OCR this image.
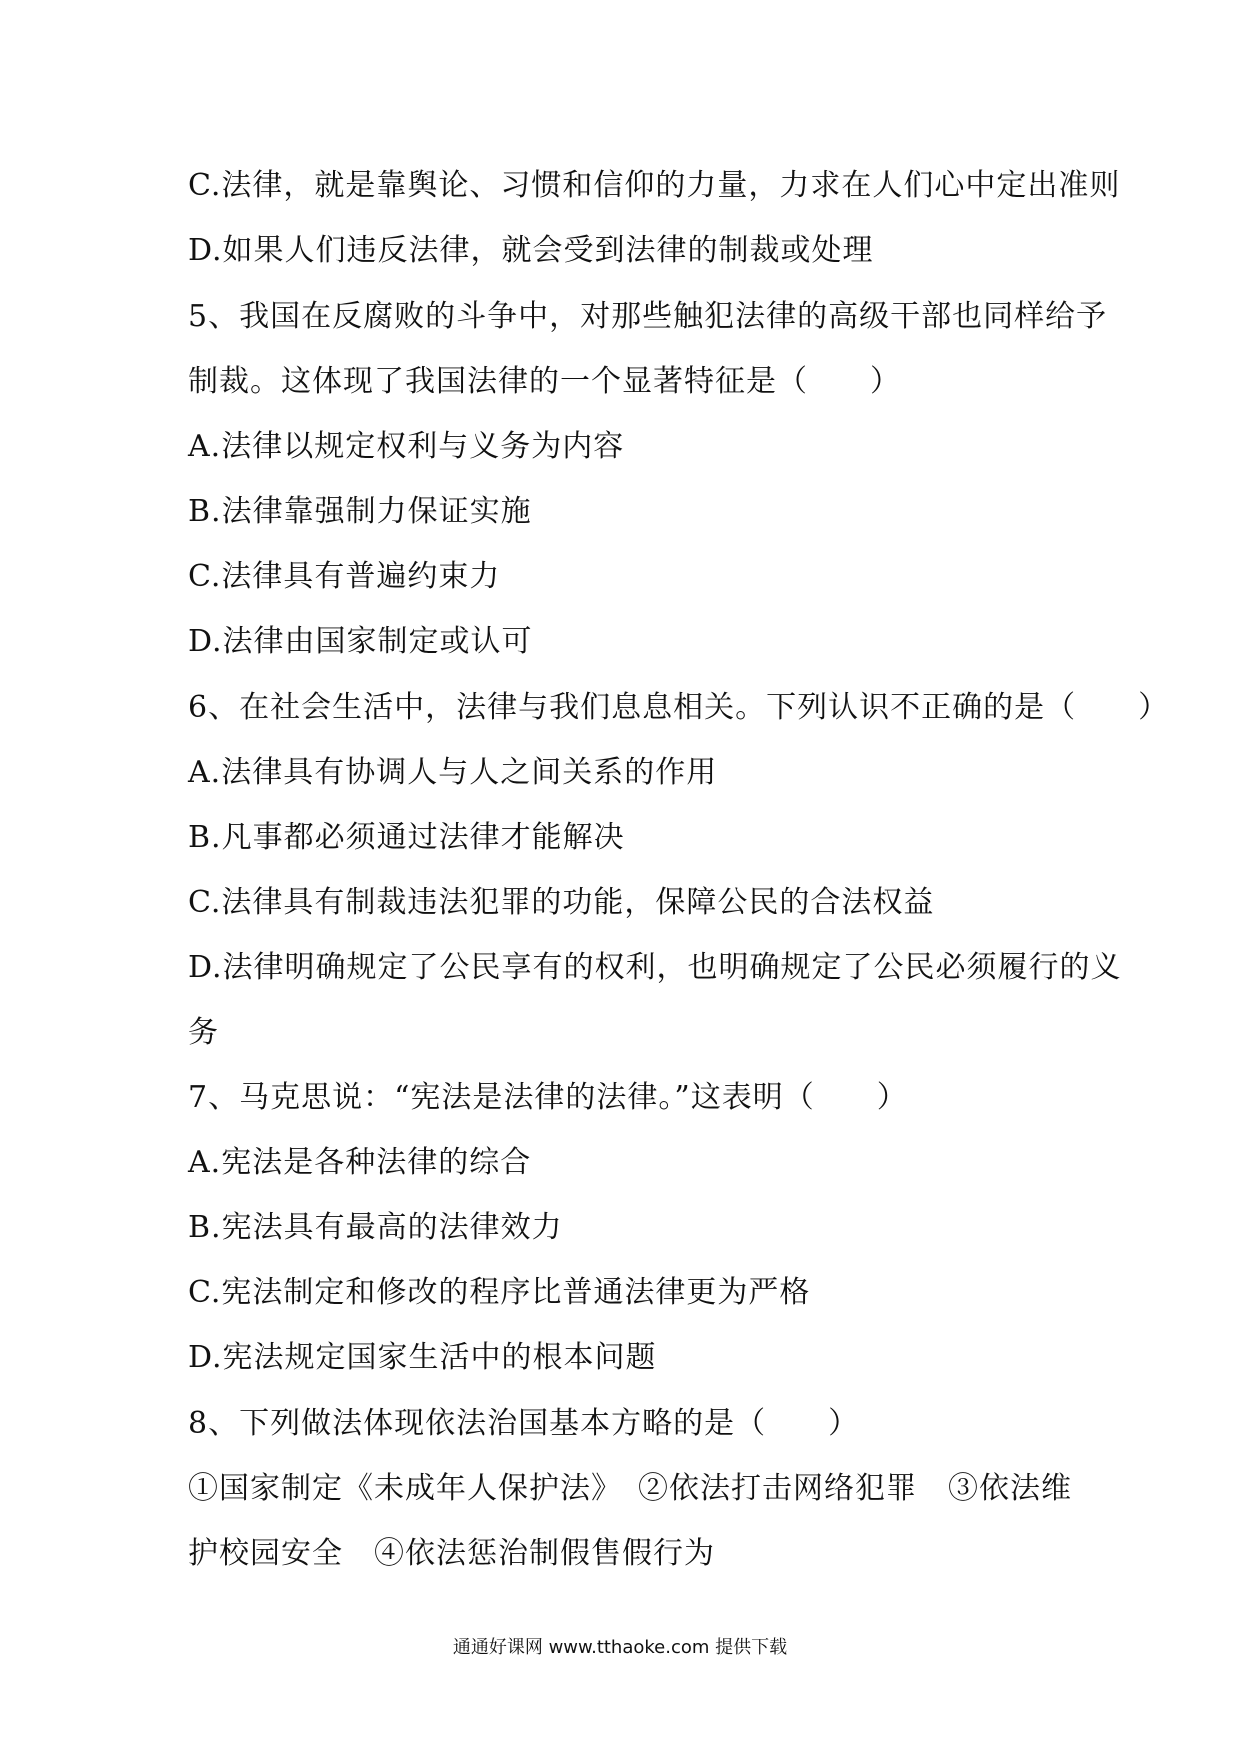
C.法律，就是靠舆论、习惯和信仰的力量，力求在人们心中定出准则
D.如果人们违反法律，就会受到法律的制裁或处理
5、我国在反腐败的斗争中，对那些触犯法律的高级干部也同样给予
制裁。这体现了我国法律的一个显著特征是（　　）
A.法律以规定权利与义务为内容
B.法律靠强制力保证实施
C.法律具有普遍约束力
D.法律由国家制定或认可
6、在社会生活中，法律与我们息息相关。下列认识不正确的是（　　）
A.法律具有协调人与人之间关系的作用
B.凡事都必须通过法律才能解决
C.法律具有制裁违法犯罪的功能，保障公民的合法权益
D.法律明确规定了公民享有的权利，也明确规定了公民必须履行的义
务
7、马克思说：“宪法是法律的法律。”这表明（　　）
A.宪法是各种法律的综合
B.宪法具有最高的法律效力
C.宪法制定和修改的程序比普通法律更为严格
D.宪法规定国家生活中的根本问题
8、下列做法体现依法治国基本方略的是（　　）
①国家制定《未成年人保护法》　②依法打击网络犯罪　③依法维
护校园安全　④依法惩治制假售假行为
通通好课网 www.tthaoke.com 提供下载
